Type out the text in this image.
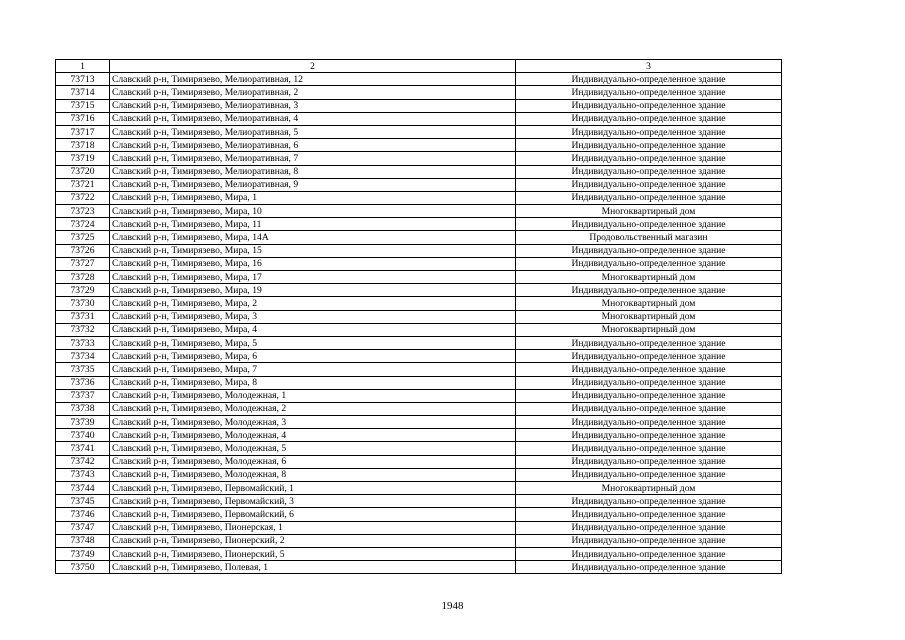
1	2	3
73713	Славский р-н, Тимирязево, Мелиоративная, 12	Индивидуально-определенное здание
73714	Славский р-н, Тимирязево, Мелиоративная, 2	Индивидуально-определенное здание
73715	Славский р-н, Тимирязево, Мелиоративная, 3	Индивидуально-определенное здание
73716	Славский р-н, Тимирязево, Мелиоративная, 4	Индивидуально-определенное здание
73717	Славский р-н, Тимирязево, Мелиоративная, 5	Индивидуально-определенное здание
73718	Славский р-н, Тимирязево, Мелиоративная, 6	Индивидуально-определенное здание
73719	Славский р-н, Тимирязево, Мелиоративная, 7	Индивидуально-определенное здание
73720	Славский р-н, Тимирязево, Мелиоративная, 8	Индивидуально-определенное здание
73721	Славский р-н, Тимирязево, Мелиоративная, 9	Индивидуально-определенное здание
73722	Славский р-н, Тимирязево, Мира, 1	Индивидуально-определенное здание
73723	Славский р-н, Тимирязево, Мира, 10	Многоквартирный дом
73724	Славский р-н, Тимирязево, Мира, 11	Индивидуально-определенное здание
73725	Славский р-н, Тимирязево, Мира, 14А	Продовольственный магазин
73726	Славский р-н, Тимирязево, Мира, 15	Индивидуально-определенное здание
73727	Славский р-н, Тимирязево, Мира, 16	Индивидуально-определенное здание
73728	Славский р-н, Тимирязево, Мира, 17	Многоквартирный дом
73729	Славский р-н, Тимирязево, Мира, 19	Индивидуально-определенное здание
73730	Славский р-н, Тимирязево, Мира, 2	Многоквартирный дом
73731	Славский р-н, Тимирязево, Мира, 3	Многоквартирный дом
73732	Славский р-н, Тимирязево, Мира, 4	Многоквартирный дом
73733	Славский р-н, Тимирязево, Мира, 5	Индивидуально-определенное здание
73734	Славский р-н, Тимирязево, Мира, 6	Индивидуально-определенное здание
73735	Славский р-н, Тимирязево, Мира, 7	Индивидуально-определенное здание
73736	Славский р-н, Тимирязево, Мира, 8	Индивидуально-определенное здание
73737	Славский р-н, Тимирязево, Молодежная, 1	Индивидуально-определенное здание
73738	Славский р-н, Тимирязево, Молодежная, 2	Индивидуально-определенное здание
73739	Славский р-н, Тимирязево, Молодежная, 3	Индивидуально-определенное здание
73740	Славский р-н, Тимирязево, Молодежная, 4	Индивидуально-определенное здание
73741	Славский р-н, Тимирязево, Молодежная, 5	Индивидуально-определенное здание
73742	Славский р-н, Тимирязево, Молодежная, 6	Индивидуально-определенное здание
73743	Славский р-н, Тимирязево, Молодежная, 8	Индивидуально-определенное здание
73744	Славский р-н, Тимирязево, Первомайский, 1	Многоквартирный дом
73745	Славский р-н, Тимирязево, Первомайский, 3	Индивидуально-определенное здание
73746	Славский р-н, Тимирязево, Первомайский, 6	Индивидуально-определенное здание
73747	Славский р-н, Тимирязево, Пионерская, 1	Индивидуально-определенное здание
73748	Славский р-н, Тимирязево, Пионерский, 2	Индивидуально-определенное здание
73749	Славский р-н, Тимирязево, Пионерский, 5	Индивидуально-определенное здание
73750	Славский р-н, Тимирязево, Полевая, 1	Индивидуально-определенное здание
1948
